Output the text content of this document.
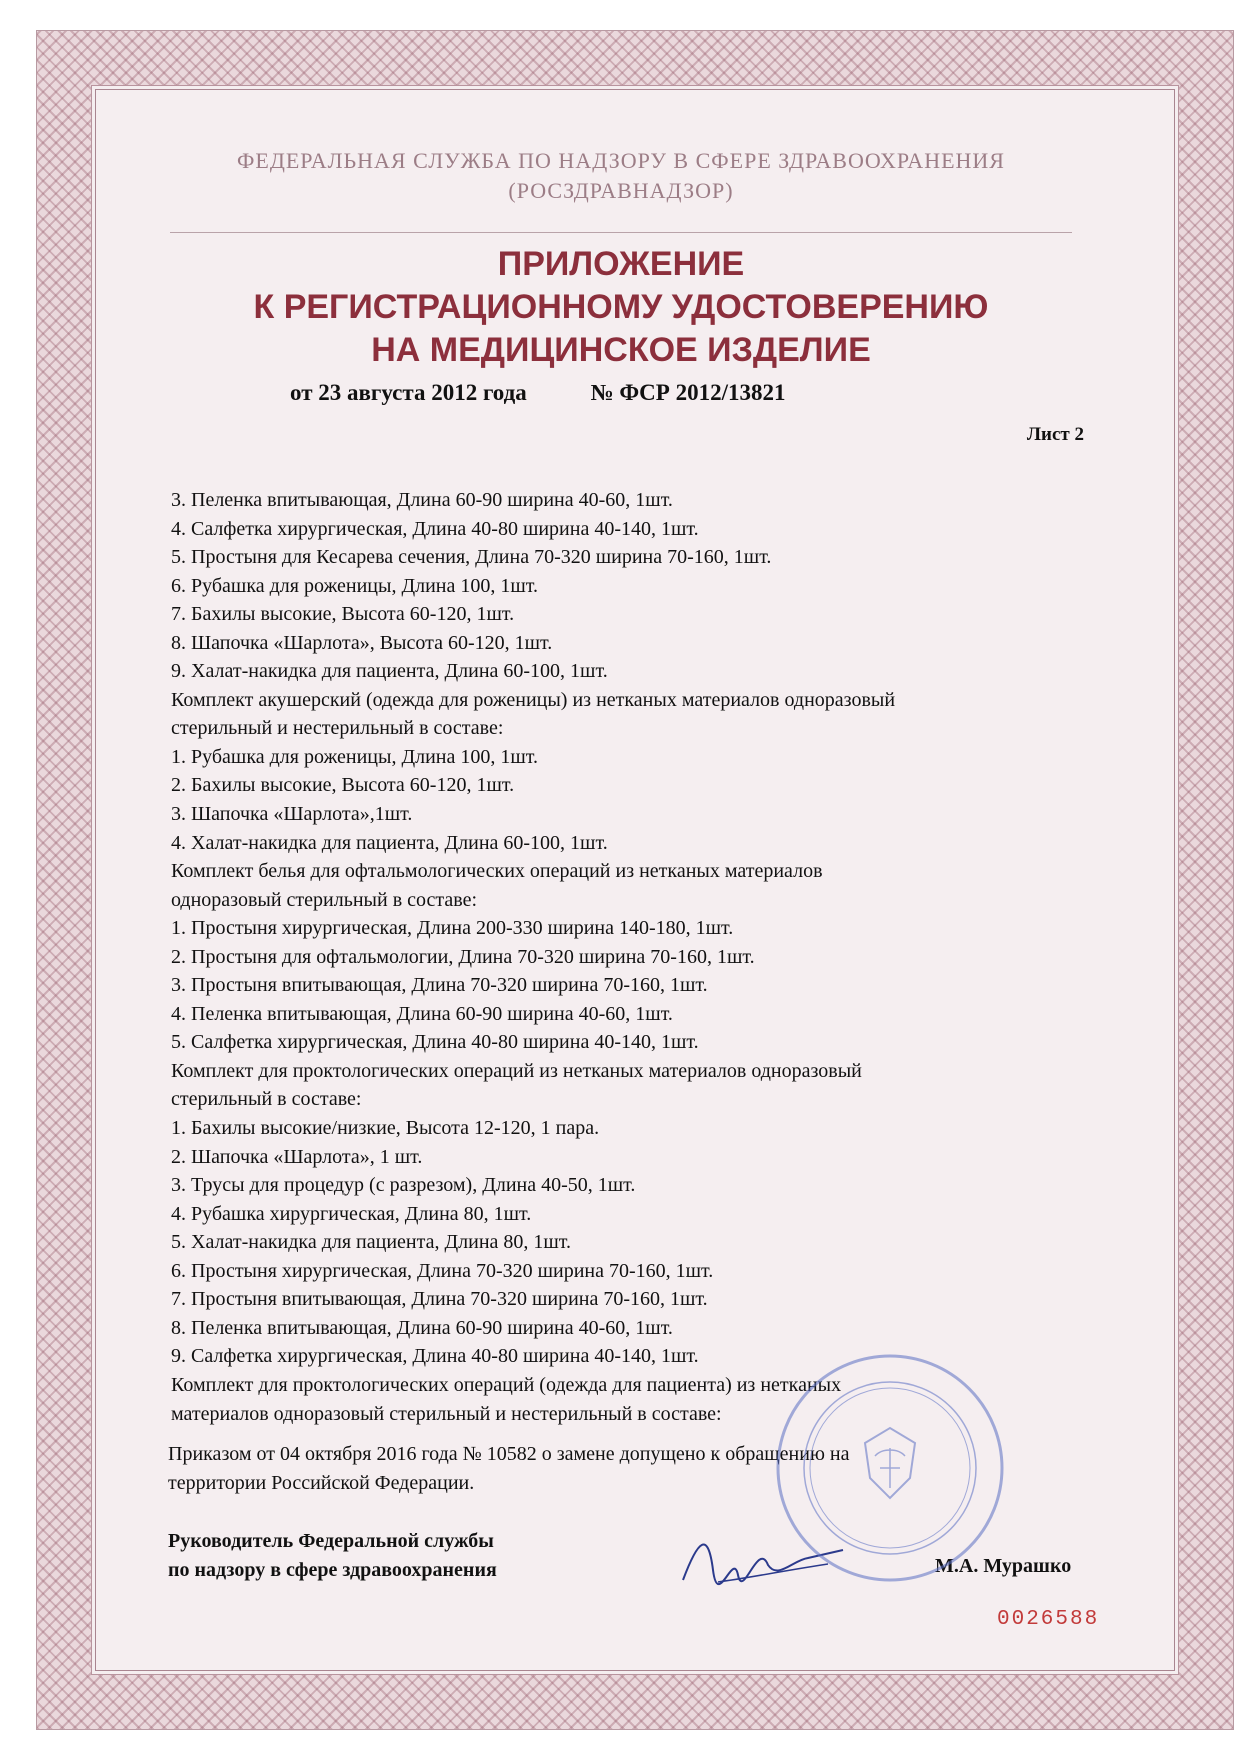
ФЕДЕРАЛЬНАЯ СЛУЖБА ПО НАДЗОРУ В СФЕРЕ ЗДРАВООХРАНЕНИЯ
(РОСЗДРАВНАДЗОР)
ПРИЛОЖЕНИЕ
К РЕГИСТРАЦИОННОМУ УДОСТОВЕРЕНИЮ
НА МЕДИЦИНСКОЕ ИЗДЕЛИЕ
от 23 августа 2012 года	№ ФСР 2012/13821
Лист 2
3. Пеленка впитывающая, Длина 60-90 ширина 40-60, 1шт.
4. Салфетка хирургическая, Длина 40-80 ширина 40-140, 1шт.
5. Простыня для Кесарева сечения, Длина 70-320 ширина 70-160, 1шт.
6. Рубашка для роженицы, Длина 100, 1шт.
7. Бахилы высокие, Высота 60-120, 1шт.
8. Шапочка «Шарлота», Высота 60-120, 1шт.
9. Халат-накидка для пациента, Длина 60-100, 1шт.
Комплект акушерский (одежда для роженицы) из нетканых материалов одноразовый
стерильный и нестерильный в составе:
1. Рубашка для роженицы, Длина 100, 1шт.
2. Бахилы высокие, Высота 60-120, 1шт.
3. Шапочка «Шарлота»,1шт.
4. Халат-накидка для пациента, Длина 60-100, 1шт.
Комплект белья для офтальмологических операций из нетканых материалов
одноразовый стерильный в составе:
1. Простыня хирургическая, Длина 200-330 ширина 140-180, 1шт.
2. Простыня для офтальмологии, Длина 70-320 ширина 70-160, 1шт.
3. Простыня впитывающая, Длина 70-320 ширина 70-160, 1шт.
4. Пеленка впитывающая, Длина 60-90 ширина 40-60, 1шт.
5. Салфетка хирургическая, Длина 40-80 ширина 40-140, 1шт.
Комплект для проктологических операций из нетканых материалов одноразовый
стерильный в составе:
1. Бахилы высокие/низкие, Высота 12-120, 1 пара.
2. Шапочка «Шарлота», 1 шт.
3. Трусы для процедур (с разрезом), Длина 40-50, 1шт.
4. Рубашка хирургическая, Длина 80, 1шт.
5. Халат-накидка для пациента, Длина 80, 1шт.
6. Простыня хирургическая, Длина 70-320 ширина 70-160, 1шт.
7. Простыня впитывающая, Длина 70-320 ширина 70-160, 1шт.
8. Пеленка впитывающая, Длина 60-90 ширина 40-60, 1шт.
9. Салфетка хирургическая, Длина 40-80 ширина 40-140, 1шт.
Комплект для проктологических операций (одежда для пациента) из нетканых
материалов одноразовый стерильный и нестерильный в составе:
Приказом от 04 октября 2016 года № 10582 о замене допущено к обращению на
территории Российской Федерации.
Руководитель Федеральной службы
по надзору в сфере здравоохранения	М.А. Мурашко
0026588
